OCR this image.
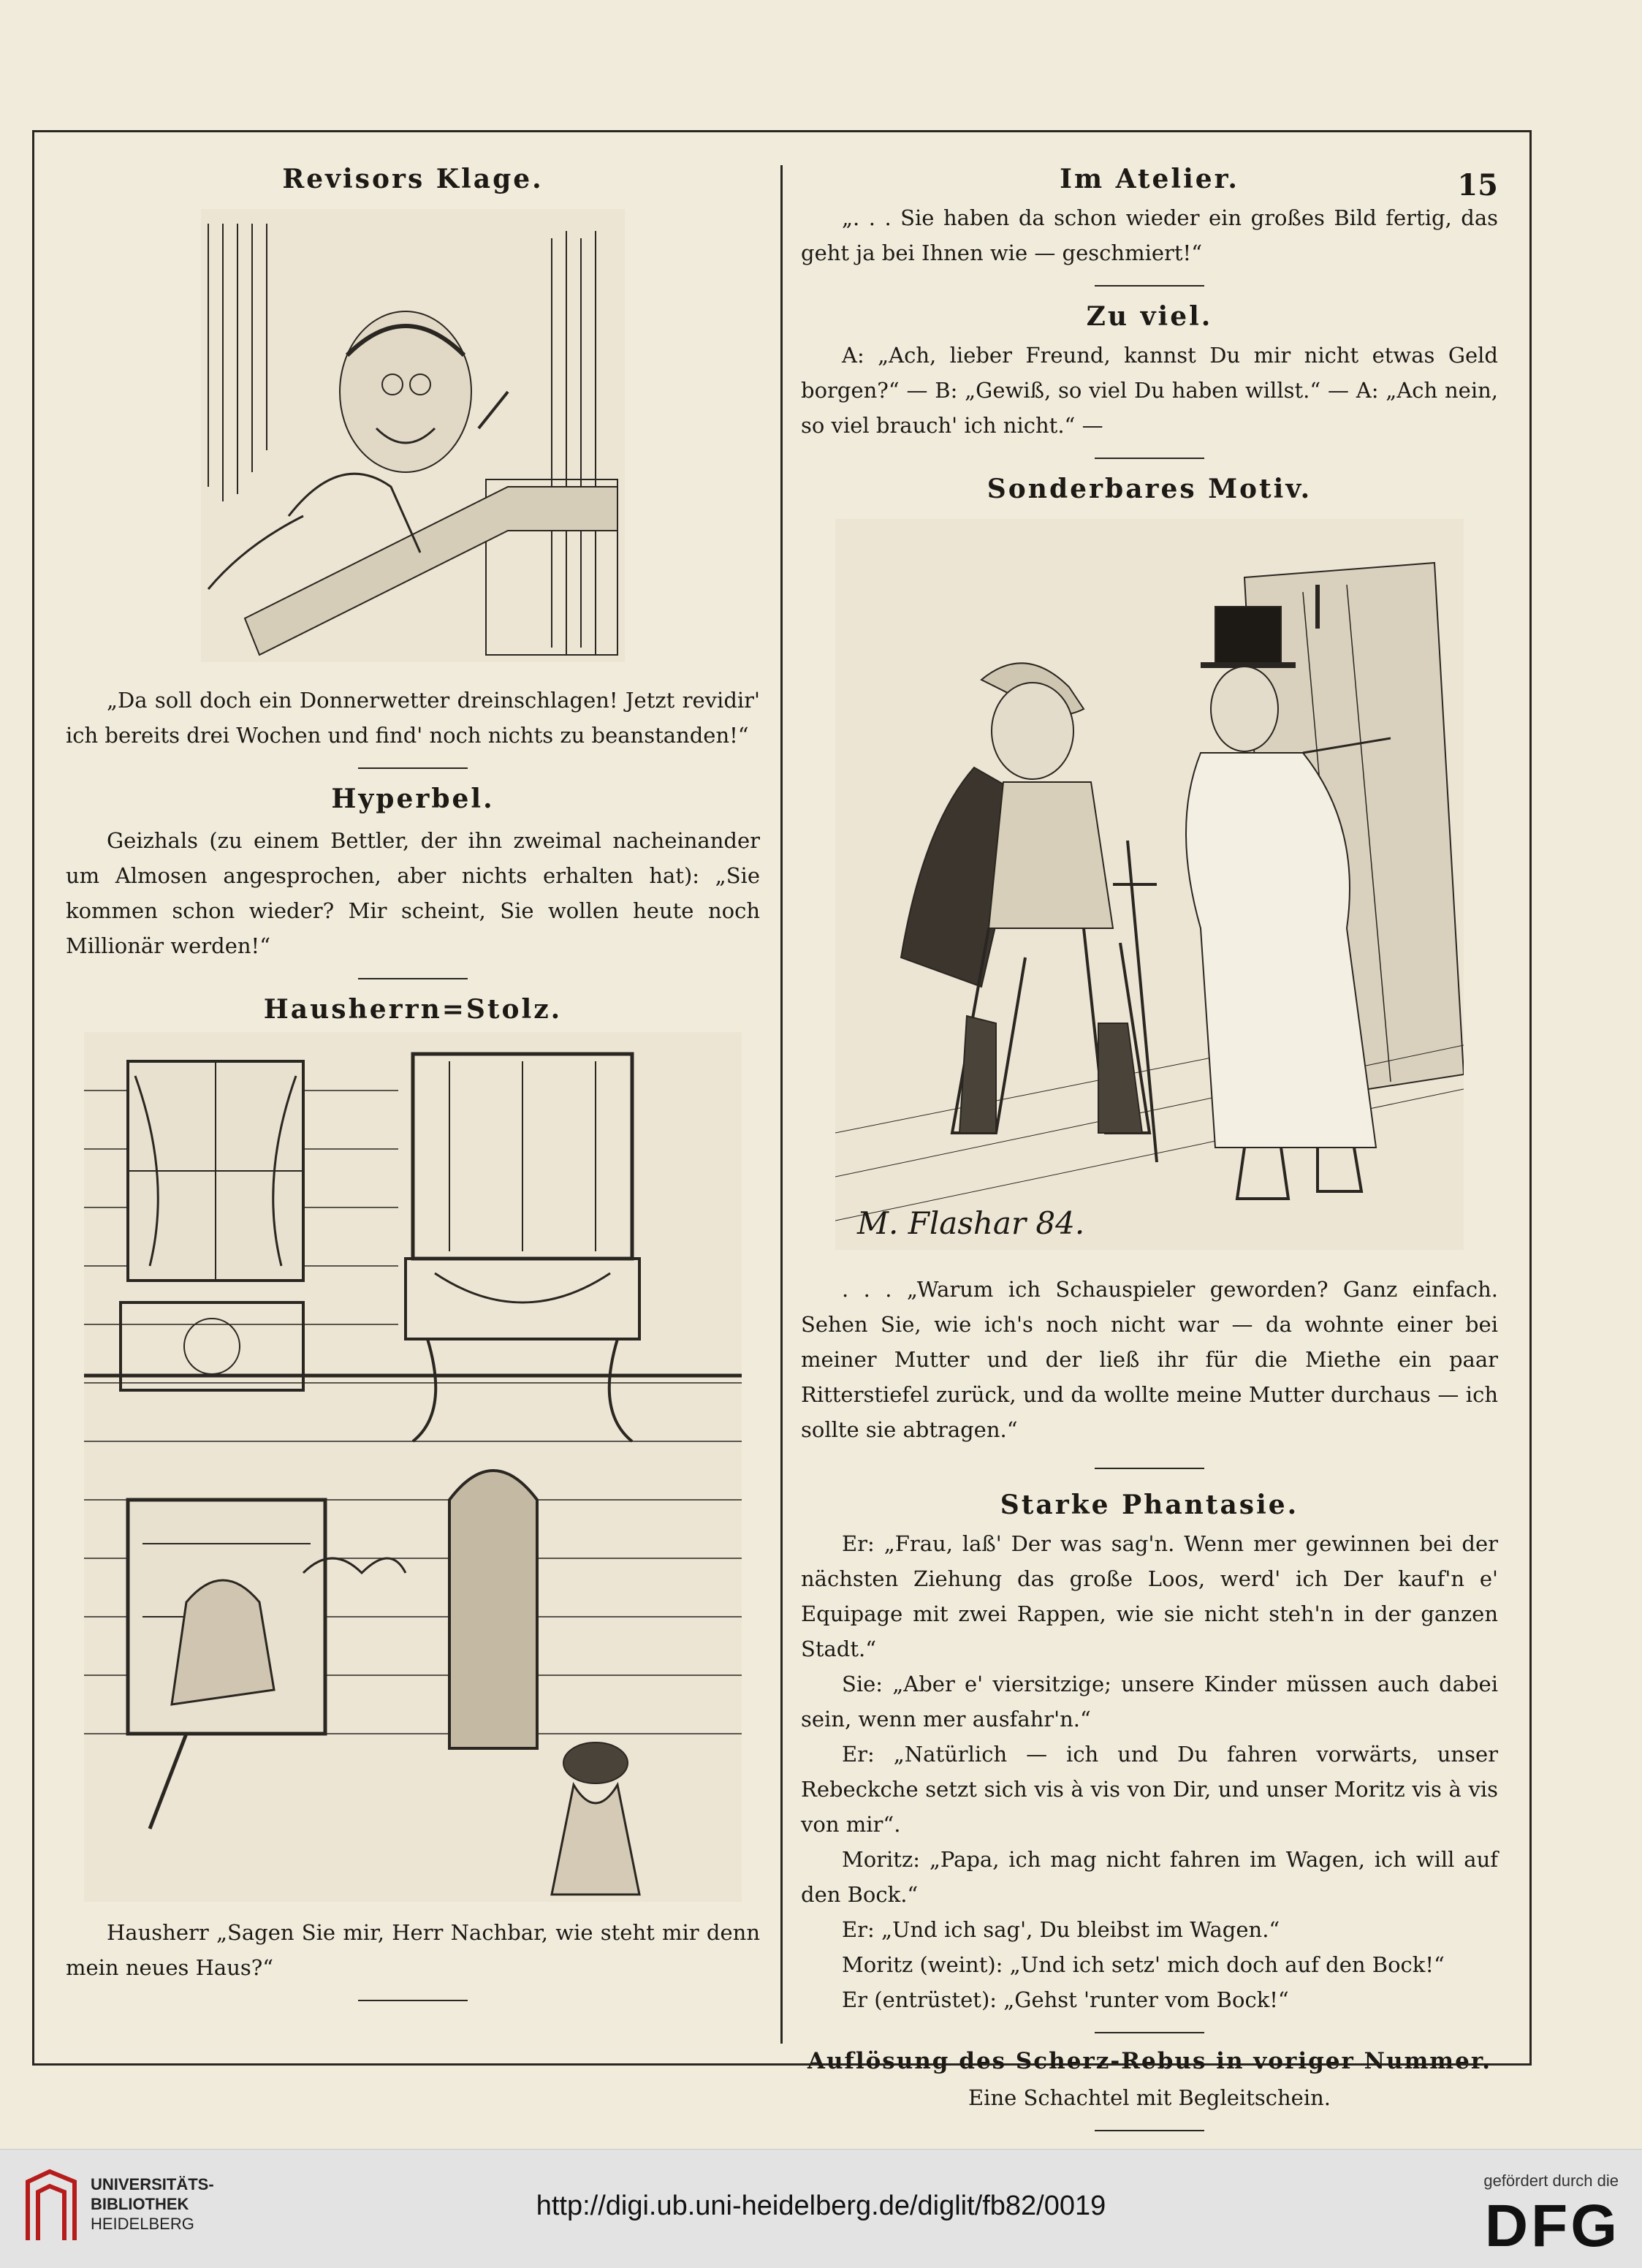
Revisors Klage.

„Da soll doch ein Donnerwetter dreinschlagen! Jetzt revidir' ich bereits drei Wochen und find' noch nichts zu beanstanden!“

Hyperbel.

Geizhals (zu einem Bettler, der ihn zweimal nacheinander um Almosen angesprochen, aber nichts erhalten hat): „Sie kommen schon wieder? Mir scheint, Sie wollen heute noch Millionär werden!“

Hausherrn=Stolz.

Hausherr „Sagen Sie mir, Herr Nachbar, wie steht mir denn mein neues Haus?“

Im Atelier.	15

„. . . Sie haben da schon wieder ein großes Bild fertig, das geht ja bei Ihnen wie — geschmiert!“

Zu viel.

A: „Ach, lieber Freund, kannst Du mir nicht etwas Geld borgen?“ — B: „Gewiß, so viel Du haben willst.“ — A: „Ach nein, so viel brauch' ich nicht.“ —

Sonderbares Motiv.
M. Flashar 84.

. . . „Warum ich Schauspieler geworden? Ganz einfach. Sehen Sie, wie ich's noch nicht war — da wohnte einer bei meiner Mutter und der ließ ihr für die Miethe ein paar Ritterstiefel zurück, und da wollte meine Mutter durchaus — ich sollte sie abtragen.“

Starke Phantasie.

Er: „Frau, laß' Der was sag'n. Wenn mer gewinnen bei der nächsten Ziehung das große Loos, werd' ich Der kauf'n e' Equipage mit zwei Rappen, wie sie nicht steh'n in der ganzen Stadt.“

Sie: „Aber e' viersitzige; unsere Kinder müssen auch dabei sein, wenn mer ausfahr'n.“

Er: „Natürlich — ich und Du fahren vorwärts, unser Rebeckche setzt sich vis à vis von Dir, und unser Moritz vis à vis von mir“.

Moritz: „Papa, ich mag nicht fahren im Wagen, ich will auf den Bock.“

Er: „Und ich sag', Du bleibst im Wagen.“

Moritz (weint): „Und ich setz' mich doch auf den Bock!“

Er (entrüstet): „Gehst 'runter vom Bock!“

Auflösung des Scherz-Rebus in voriger Nummer.

Eine Schachtel mit Begleitschein.

UNIVERSITÄTS-
BIBLIOTHEK
HEIDELBERG
http://digi.ub.uni-heidelberg.de/diglit/fb82/0019
gefördert durch die
DFG
